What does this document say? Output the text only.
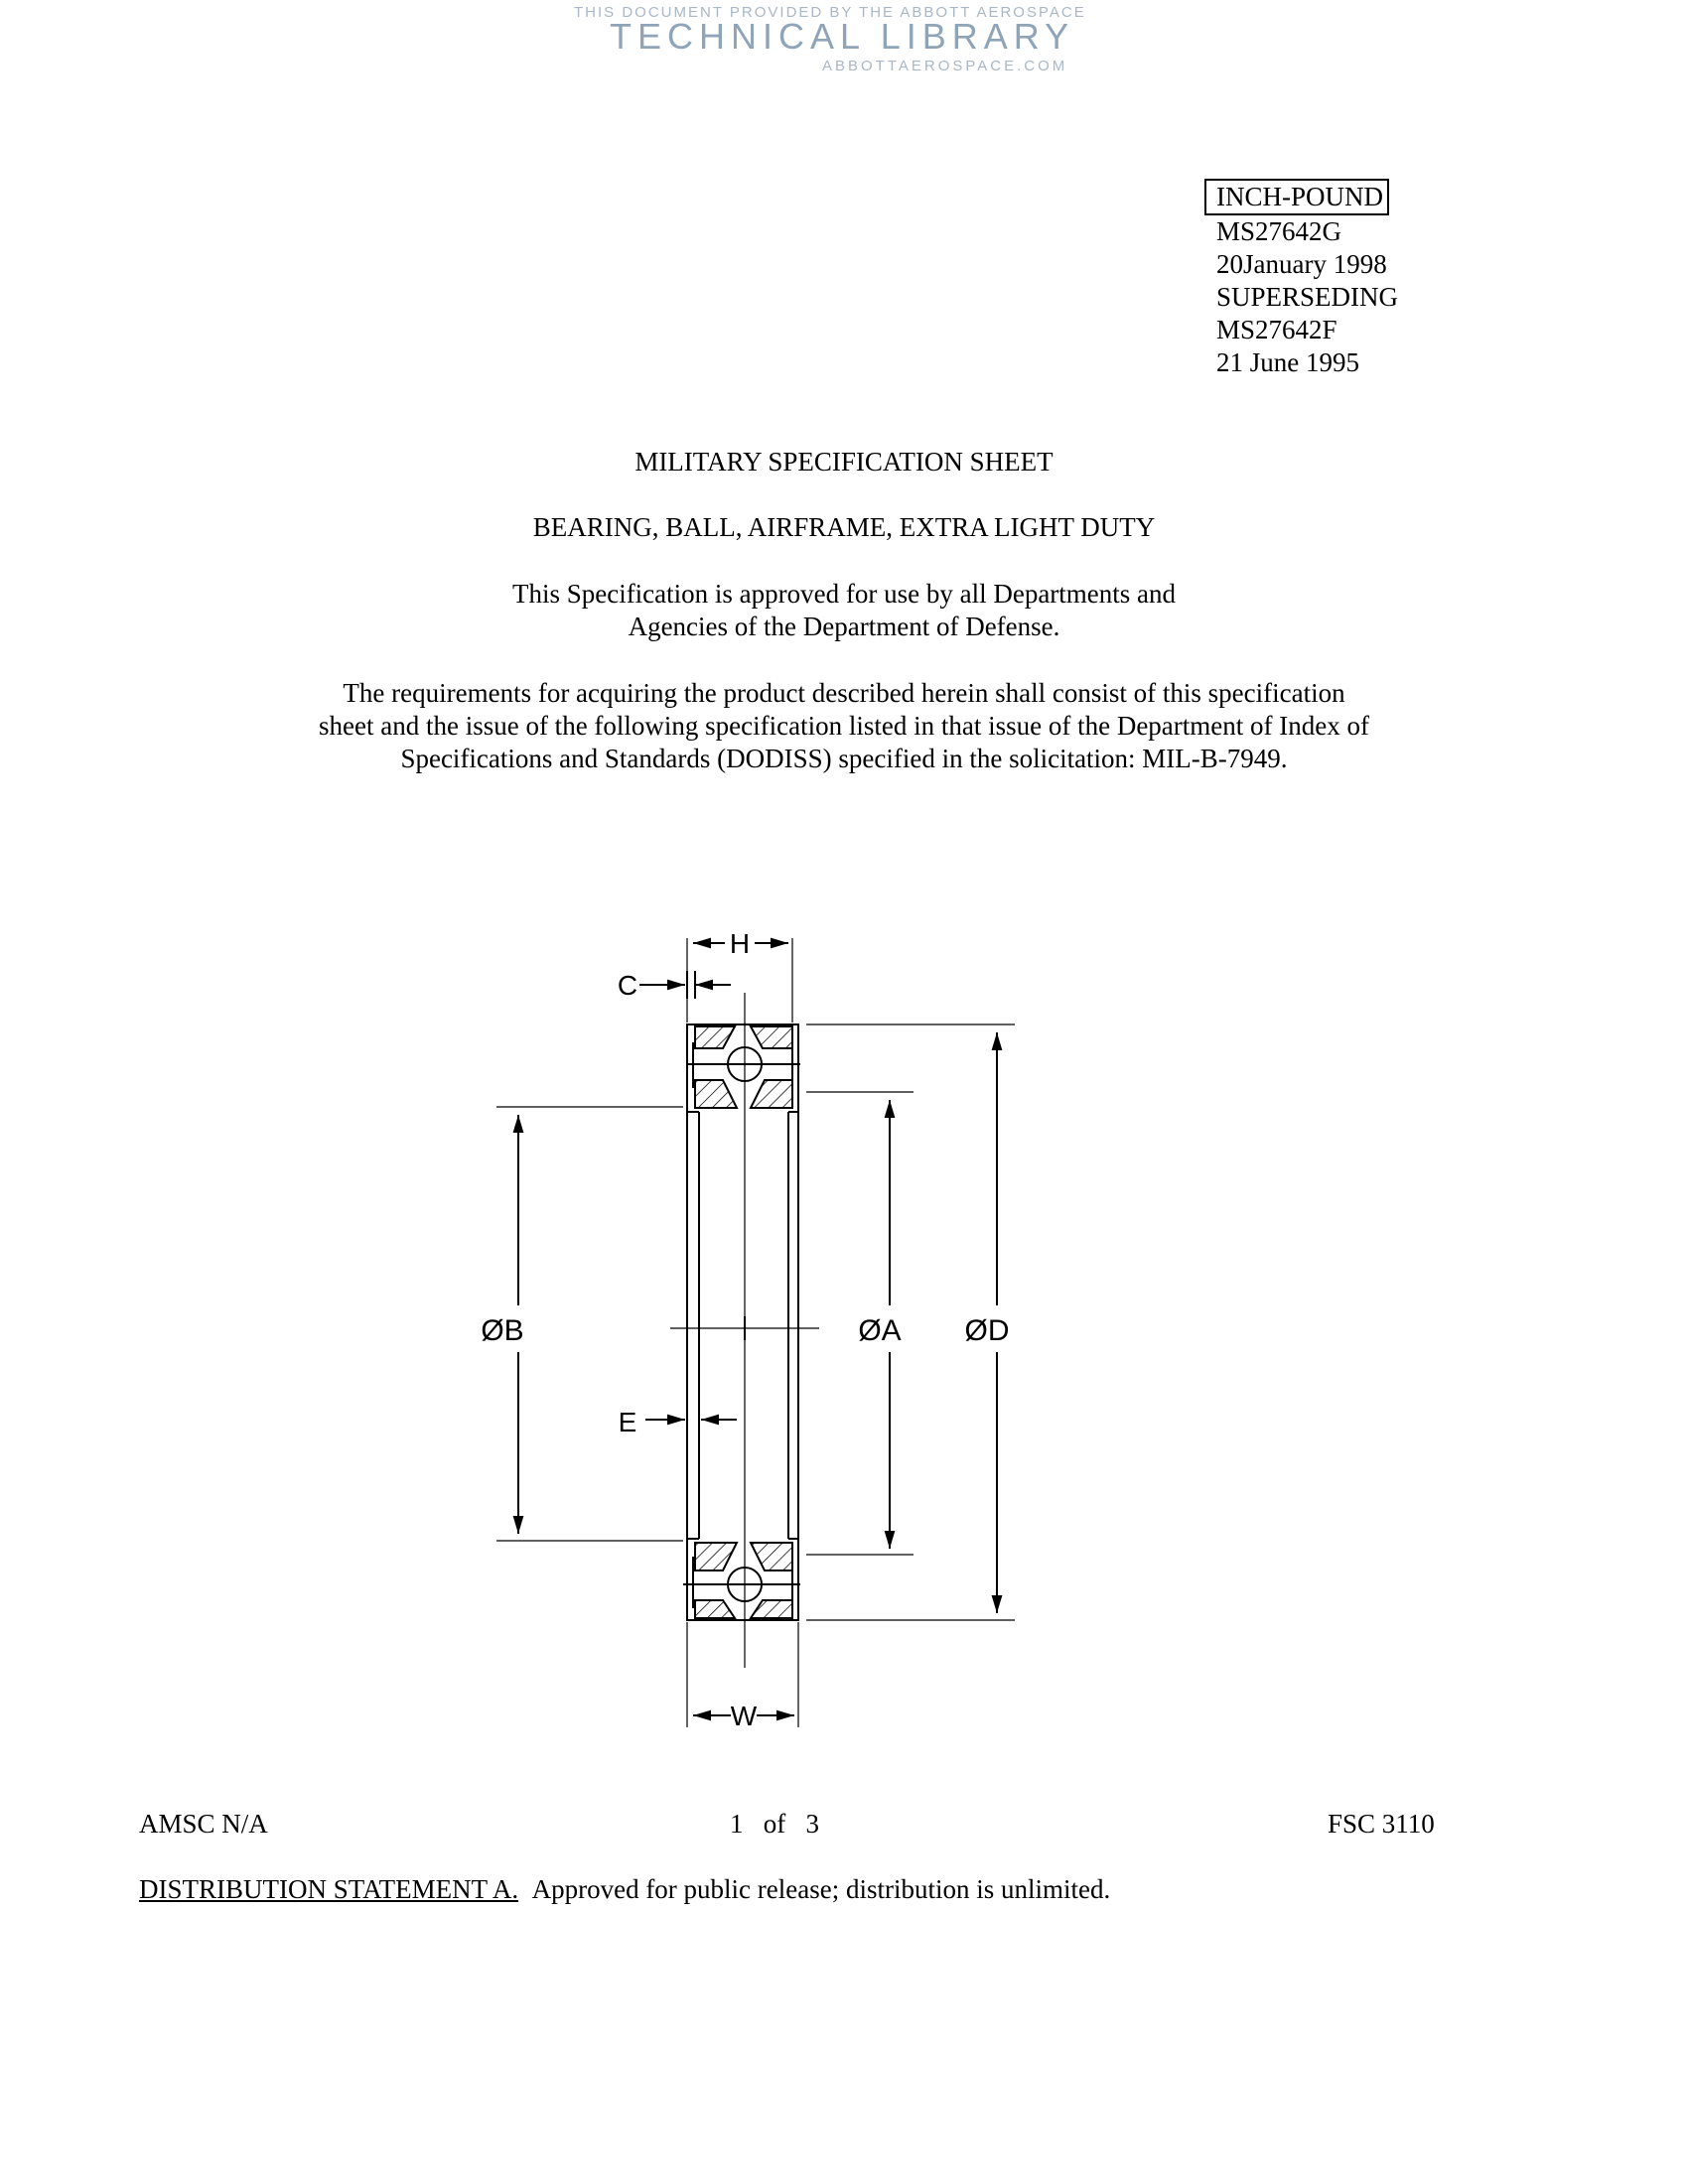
THIS DOCUMENT PROVIDED BY THE ABBOTT AEROSPACE
TECHNICAL LIBRARY
ABBOTTAEROSPACE.COM
INCH-POUND
MS27642G
20January 1998
SUPERSEDING
MS27642F
21 June 1995
MILITARY SPECIFICATION SHEET
BEARING, BALL, AIRFRAME, EXTRA LIGHT DUTY
This Specification is approved for use by all Departments and
Agencies of the Department of Defense.
The requirements for acquiring the product described herein shall consist of this specification
sheet and the issue of the following specification listed in that issue of the Department of Index of
Specifications and Standards (DODISS) specified in the solicitation: MIL-B-7949.
H
C
ØB	ØA ØD
E
W
AMSC N/A	1   of   3	FSC 3110
DISTRIBUTION STATEMENT A. Approved for public release; distribution is unlimited.
